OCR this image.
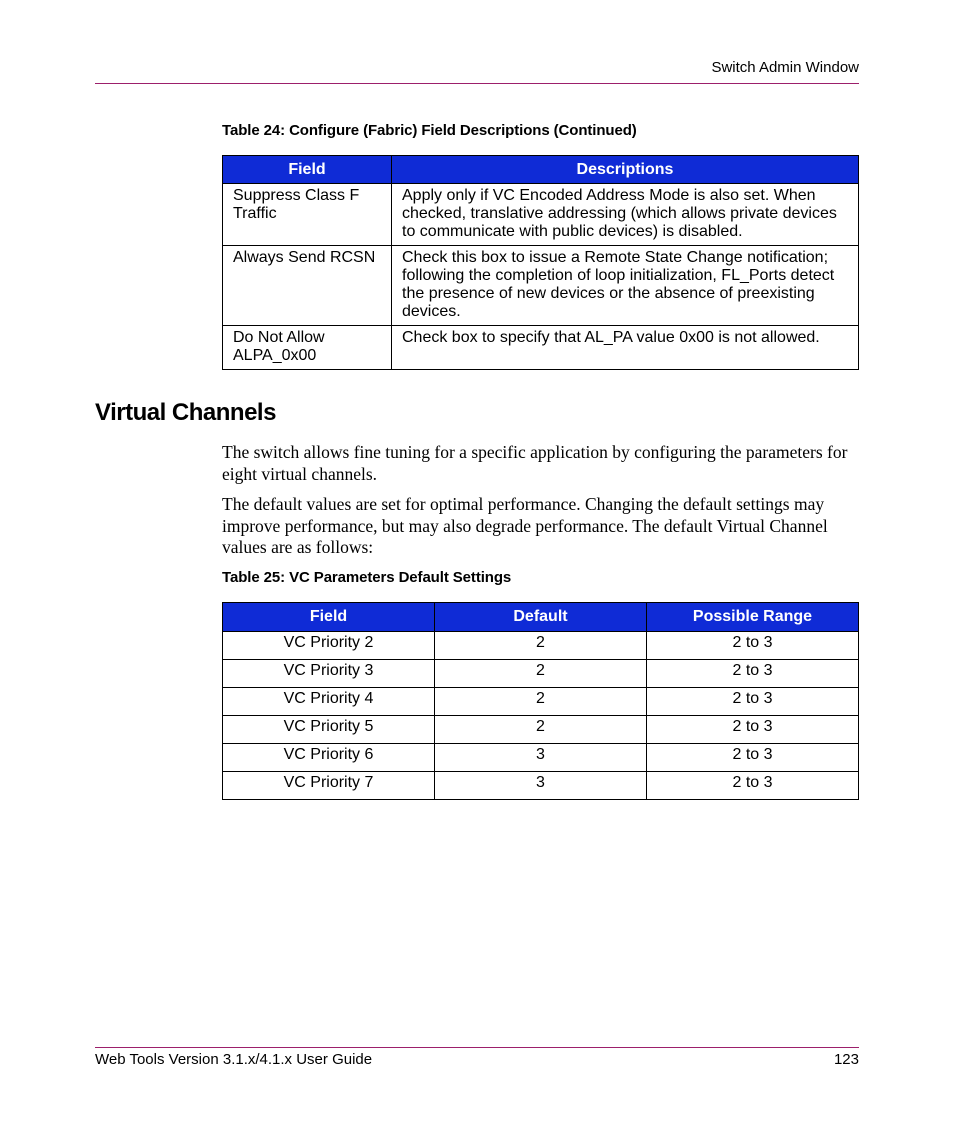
Switch Admin Window
Table 24: Configure (Fabric) Field Descriptions (Continued)
Field	Descriptions
Suppress Class F Traffic	Apply only if VC Encoded Address Mode is also set. When checked, translative addressing (which allows private devices to communicate with public devices) is disabled.
Always Send RCSN	Check this box to issue a Remote State Change notification; following the completion of loop initialization, FL_Ports detect the presence of new devices or the absence of preexisting devices.
Do Not Allow ALPA_0x00	Check box to specify that AL_PA value 0x00 is not allowed.
Virtual Channels
The switch allows fine tuning for a specific application by configuring the parameters for eight virtual channels.
The default values are set for optimal performance. Changing the default settings may improve performance, but may also degrade performance. The default Virtual Channel values are as follows:
Table 25: VC Parameters Default Settings
Field	Default	Possible Range
VC Priority 2	2	2 to 3
VC Priority 3	2	2 to 3
VC Priority 4	2	2 to 3
VC Priority 5	2	2 to 3
VC Priority 6	3	2 to 3
VC Priority 7	3	2 to 3
Web Tools Version 3.1.x/4.1.x User Guide	123
